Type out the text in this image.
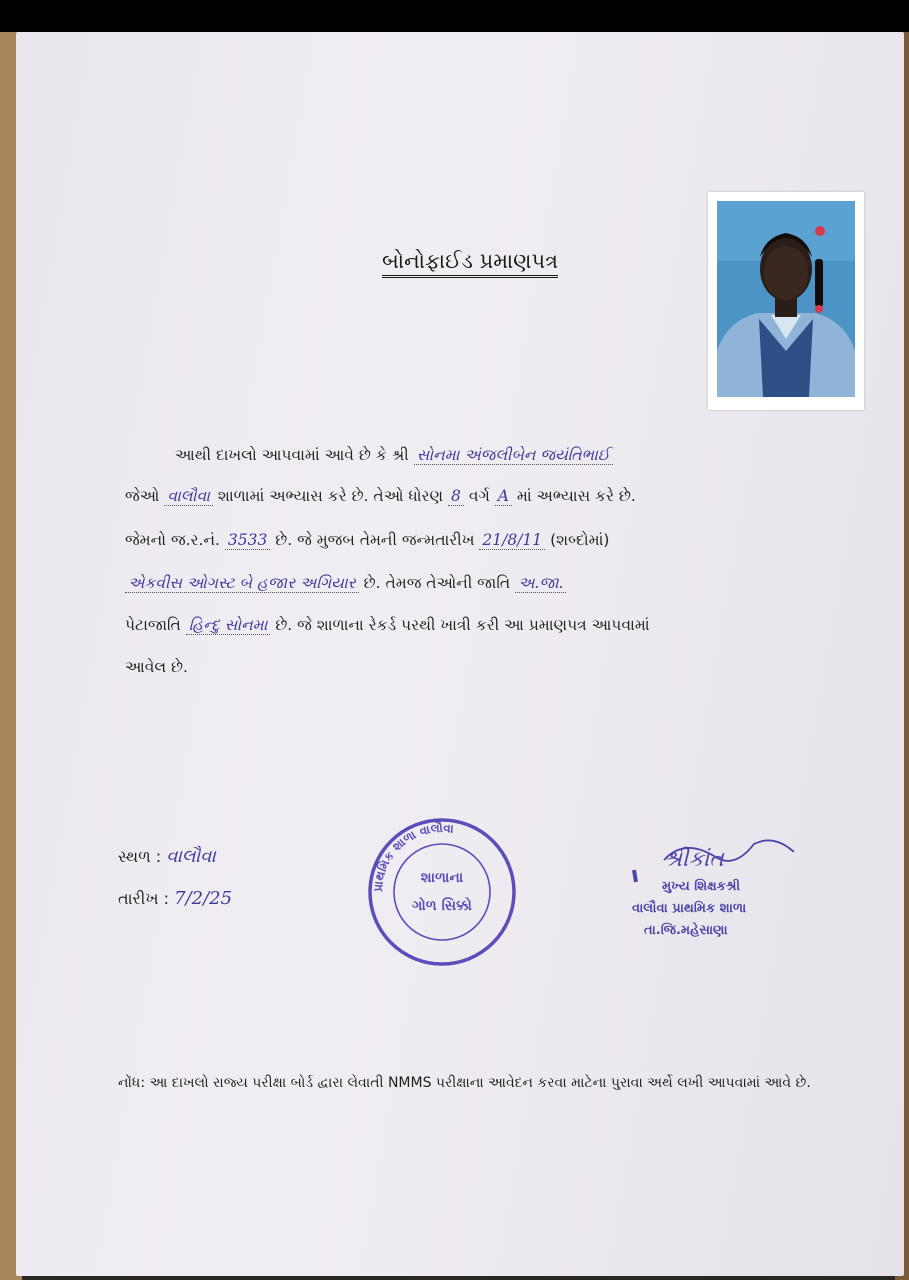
બોનોફાઈડ પ્રમાણપત્ર
આથી દાખલો આપવામાં આવે છે કે શ્રી સોનમા અંજલીબેન જયંતિભાઈ
જેઓ વાલૌવા શાળામાં અભ્યાસ કરે છે. તેઓ ધોરણ 8 વર્ગ A માં અભ્યાસ કરે છે.
જેમનો જ.ર.નં. 3533 છે. જે મુજબ તેમની જન્મતારીખ 21/8/11 (શબ્દોમાં)
એકવીસ ઓગસ્ટ બે હજાર અગિયાર છે. તેમજ તેઓની જાતિ અ.જા.
પેટાજાતિ હિન્દુ સોનમા છે. જે શાળાના રેકર્ડ પરથી ખાત્રી કરી આ પ્રમાણપત્ર આપવામાં
આવેલ છે.
સ્થળ : વાલૌવા
તારીખ : 7/2/25
પ્રાથમિક શાળા વાલૌવા
શાળાના
ગોળ સિક્કો
શ્રીકાંત
મુખ્ય શિક્ષકશ્રી
વાલૌવા પ્રાથમિક શાળા
તા.જિ.મહેસાણા
નોંધ: આ દાખલો રાજ્ય પરીક્ષા બોર્ડ દ્વારા લેવાતી NMMS પરીક્ષાના આવેદન કરવા માટેના પુરાવા અર્થે લખી આપવામાં આવે છે.
